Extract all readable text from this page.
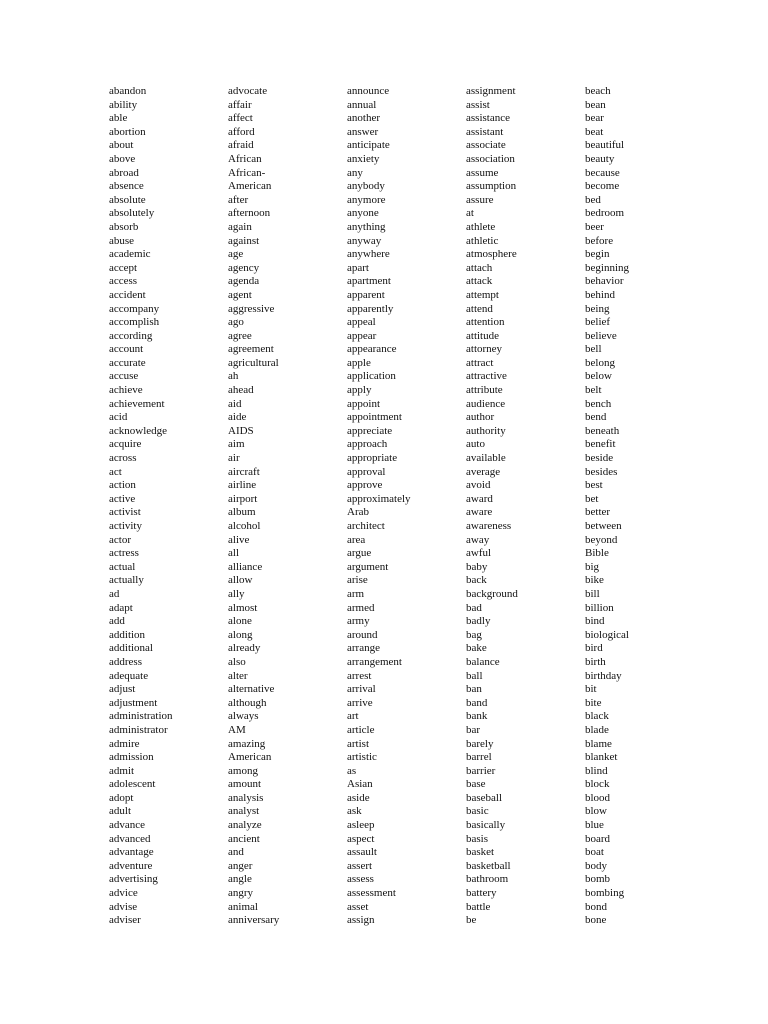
abandon
ability
able
abortion
about
above
abroad
absence
absolute
absolutely
absorb
abuse
academic
accept
access
accident
accompany
accomplish
according
account
accurate
accuse
achieve
achievement
acid
acknowledge
acquire
across
act
action
active
activist
activity
actor
actress
actual
actually
ad
adapt
add
addition
additional
address
adequate
adjust
adjustment
administration
administrator
admire
admission
admit
adolescent
adopt
adult
advance
advanced
advantage
adventure
advertising
advice
advise
adviser
advocate
affair
affect
afford
afraid
African
African-
American
after
afternoon
again
against
age
agency
agenda
agent
aggressive
ago
agree
agreement
agricultural
ah
ahead
aid
aide
AIDS
aim
air
aircraft
airline
airport
album
alcohol
alive
all
alliance
allow
ally
almost
alone
along
already
also
alter
alternative
although
always
AM
amazing
American
among
amount
analysis
analyst
analyze
ancient
and
anger
angle
angry
animal
anniversary
announce
annual
another
answer
anticipate
anxiety
any
anybody
anymore
anyone
anything
anyway
anywhere
apart
apartment
apparent
apparently
appeal
appear
appearance
apple
application
apply
appoint
appointment
appreciate
approach
appropriate
approval
approve
approximately
Arab
architect
area
argue
argument
arise
arm
armed
army
around
arrange
arrangement
arrest
arrival
arrive
art
article
artist
artistic
as
Asian
aside
ask
asleep
aspect
assault
assert
assess
assessment
asset
assign
assignment
assist
assistance
assistant
associate
association
assume
assumption
assure
at
athlete
athletic
atmosphere
attach
attack
attempt
attend
attention
attitude
attorney
attract
attractive
attribute
audience
author
authority
auto
available
average
avoid
award
aware
awareness
away
awful
baby
back
background
bad
badly
bag
bake
balance
ball
ban
band
bank
bar
barely
barrel
barrier
base
baseball
basic
basically
basis
basket
basketball
bathroom
battery
battle
be
beach
bean
bear
beat
beautiful
beauty
because
become
bed
bedroom
beer
before
begin
beginning
behavior
behind
being
belief
believe
bell
belong
below
belt
bench
bend
beneath
benefit
beside
besides
best
bet
better
between
beyond
Bible
big
bike
bill
billion
bind
biological
bird
birth
birthday
bit
bite
black
blade
blame
blanket
blind
block
blood
blow
blue
board
boat
body
bomb
bombing
bond
bone
